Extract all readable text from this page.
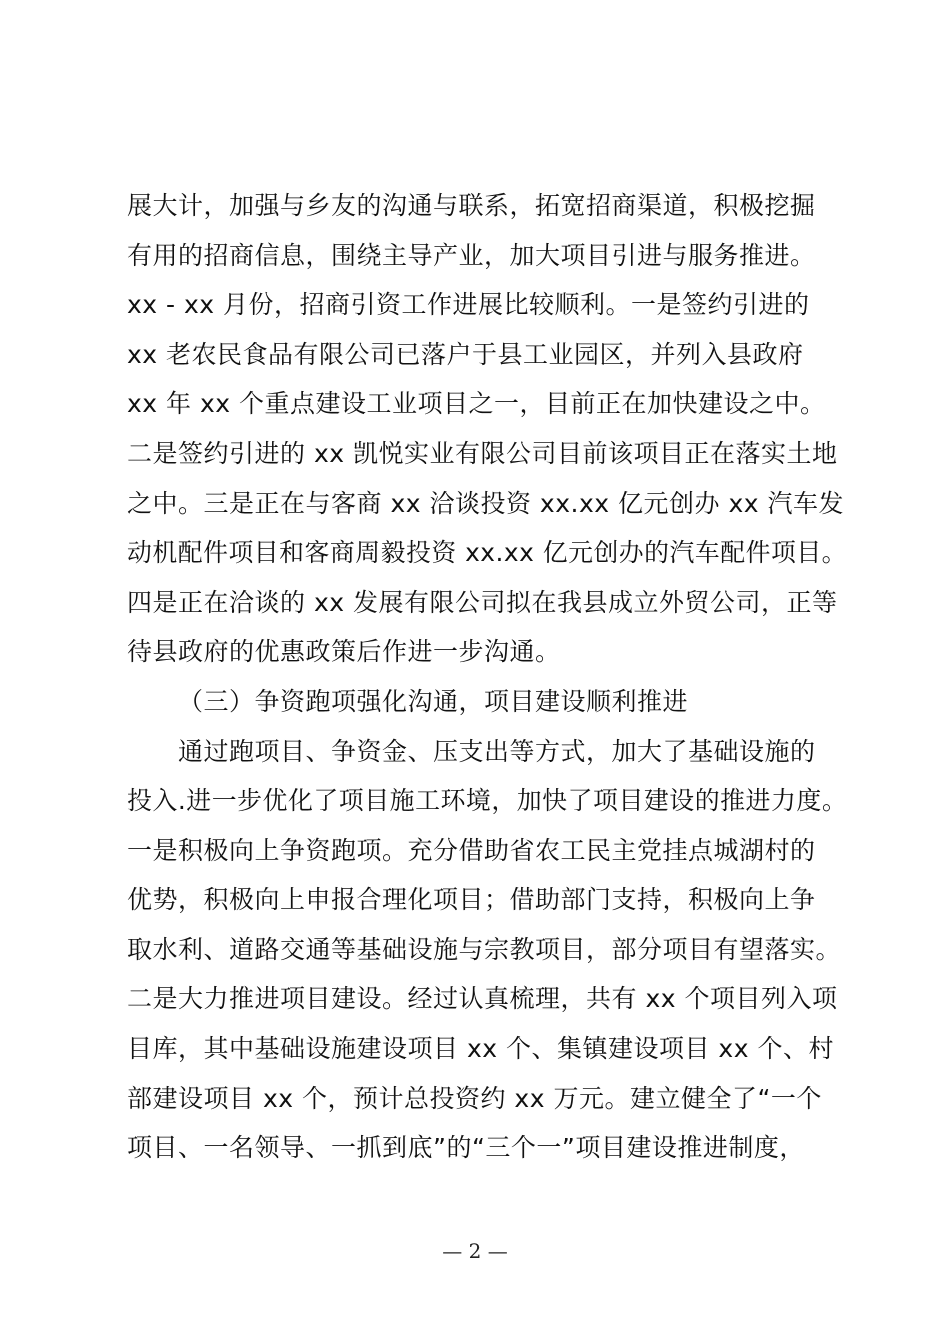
展大计，加强与乡友的沟通与联系，拓宽招商渠道，积极挖掘
有用的招商信息，围绕主导产业，加大项目引进与服务推进。
xx - xx 月份，招商引资工作进展比较顺利。一是签约引进的
xx 老农民食品有限公司已落户于县工业园区，并列入县政府
xx 年 xx 个重点建设工业项目之一，目前正在加快建设之中。
二是签约引进的 xx 凯悦实业有限公司目前该项目正在落实土地
之中。三是正在与客商 xx 洽谈投资 xx.xx 亿元创办 xx 汽车发
动机配件项目和客商周毅投资 xx.xx 亿元创办的汽车配件项目。
四是正在洽谈的 xx 发展有限公司拟在我县成立外贸公司，正等
待县政府的优惠政策后作进一步沟通。
（三）争资跑项强化沟通，项目建设顺利推进
通过跑项目、争资金、压支出等方式，加大了基础设施的
投入.进一步优化了项目施工环境，加快了项目建设的推进力度。
一是积极向上争资跑项。充分借助省农工民主党挂点城湖村的
优势，积极向上申报合理化项目；借助部门支持，积极向上争
取水利、道路交通等基础设施与宗教项目，部分项目有望落实。
二是大力推进项目建设。经过认真梳理，共有 xx 个项目列入项
目库，其中基础设施建设项目 xx 个、集镇建设项目 xx 个、村
部建设项目 xx 个，预计总投资约 xx 万元。建立健全了“一个
项目、一名领导、一抓到底”的“三个一”项目建设推进制度，
— 2 —
